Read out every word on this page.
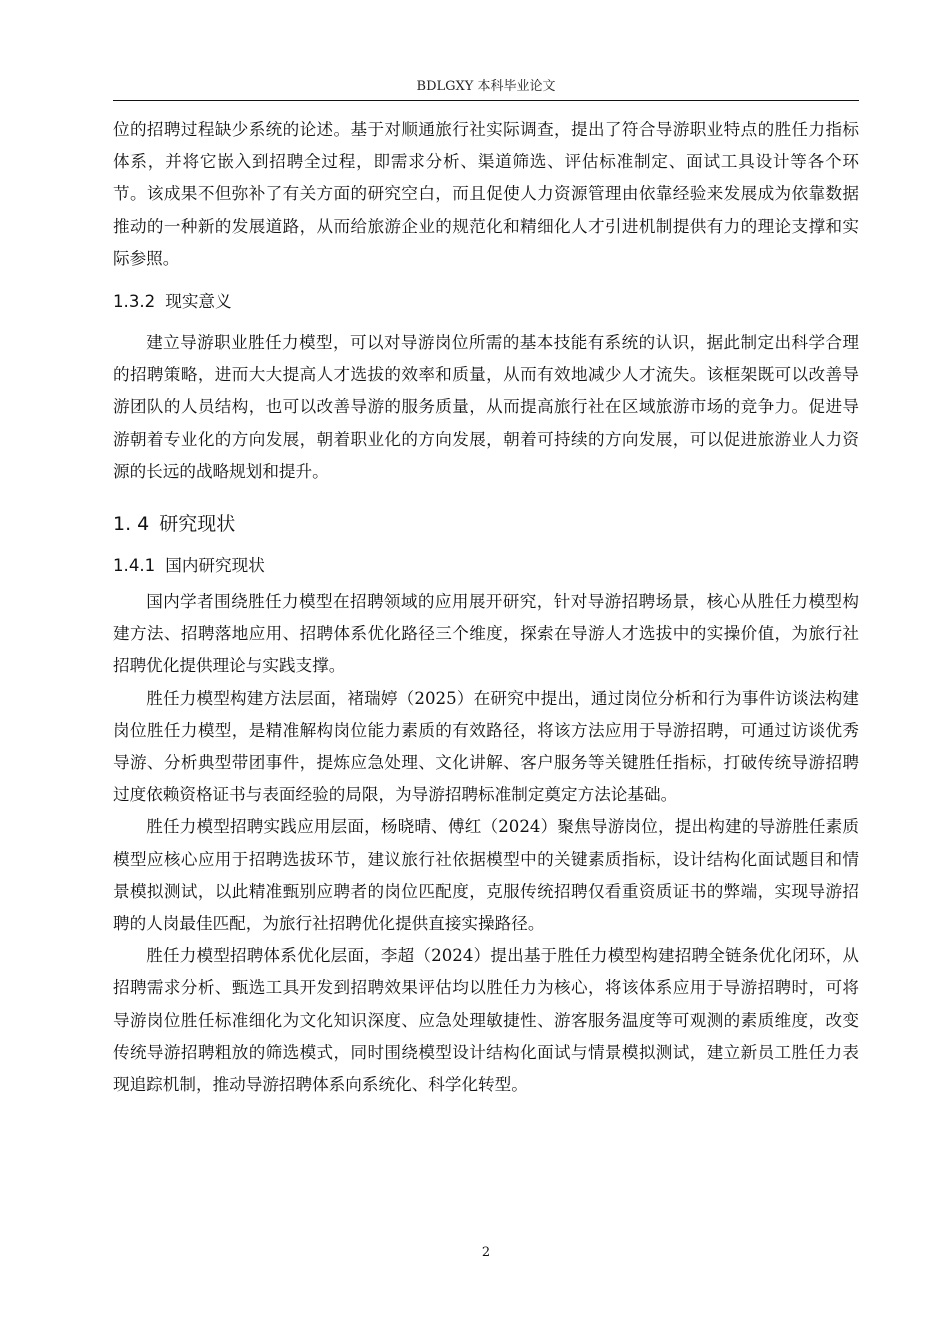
BDLGXY 本科毕业论文

位的招聘过程缺少系统的论述。基于对顺通旅行社实际调查，提出了符合导游职业特点的胜任力指标体系，并将它嵌入到招聘全过程，即需求分析、渠道筛选、评估标准制定、面试工具设计等各个环节。该成果不但弥补了有关方面的研究空白，而且促使人力资源管理由依靠经验来发展成为依靠数据推动的一种新的发展道路，从而给旅游企业的规范化和精细化人才引进机制提供有力的理论支撑和实际参照。

1.3.2 现实意义

建立导游职业胜任力模型，可以对导游岗位所需的基本技能有系统的认识，据此制定出科学合理的招聘策略，进而大大提高人才选拔的效率和质量，从而有效地减少人才流失。该框架既可以改善导游团队的人员结构，也可以改善导游的服务质量，从而提高旅行社在区域旅游市场的竞争力。促进导游朝着专业化的方向发展，朝着职业化的方向发展，朝着可持续的方向发展，可以促进旅游业人力资源的长远的战略规划和提升。

1. 4 研究现状
1.4.1 国内研究现状

国内学者围绕胜任力模型在招聘领域的应用展开研究，针对导游招聘场景，核心从胜任力模型构建方法、招聘落地应用、招聘体系优化路径三个维度，探索在导游人才选拔中的实操价值，为旅行社招聘优化提供理论与实践支撑。

胜任力模型构建方法层面，褚瑞婷（2025）在研究中提出，通过岗位分析和行为事件访谈法构建岗位胜任力模型，是精准解构岗位能力素质的有效路径，将该方法应用于导游招聘，可通过访谈优秀导游、分析典型带团事件，提炼应急处理、文化讲解、客户服务等关键胜任指标，打破传统导游招聘过度依赖资格证书与表面经验的局限，为导游招聘标准制定奠定方法论基础。

胜任力模型招聘实践应用层面，杨晓晴、傅红（2024）聚焦导游岗位，提出构建的导游胜任素质模型应核心应用于招聘选拔环节，建议旅行社依据模型中的关键素质指标，设计结构化面试题目和情景模拟测试，以此精准甄别应聘者的岗位匹配度，克服传统招聘仅看重资质证书的弊端，实现导游招聘的人岗最佳匹配，为旅行社招聘优化提供直接实操路径。

胜任力模型招聘体系优化层面，李超（2024）提出基于胜任力模型构建招聘全链条优化闭环，从招聘需求分析、甄选工具开发到招聘效果评估均以胜任力为核心，将该体系应用于导游招聘时，可将导游岗位胜任标准细化为文化知识深度、应急处理敏捷性、游客服务温度等可观测的素质维度，改变传统导游招聘粗放的筛选模式，同时围绕模型设计结构化面试与情景模拟测试，建立新员工胜任力表现追踪机制，推动导游招聘体系向系统化、科学化转型。

2
